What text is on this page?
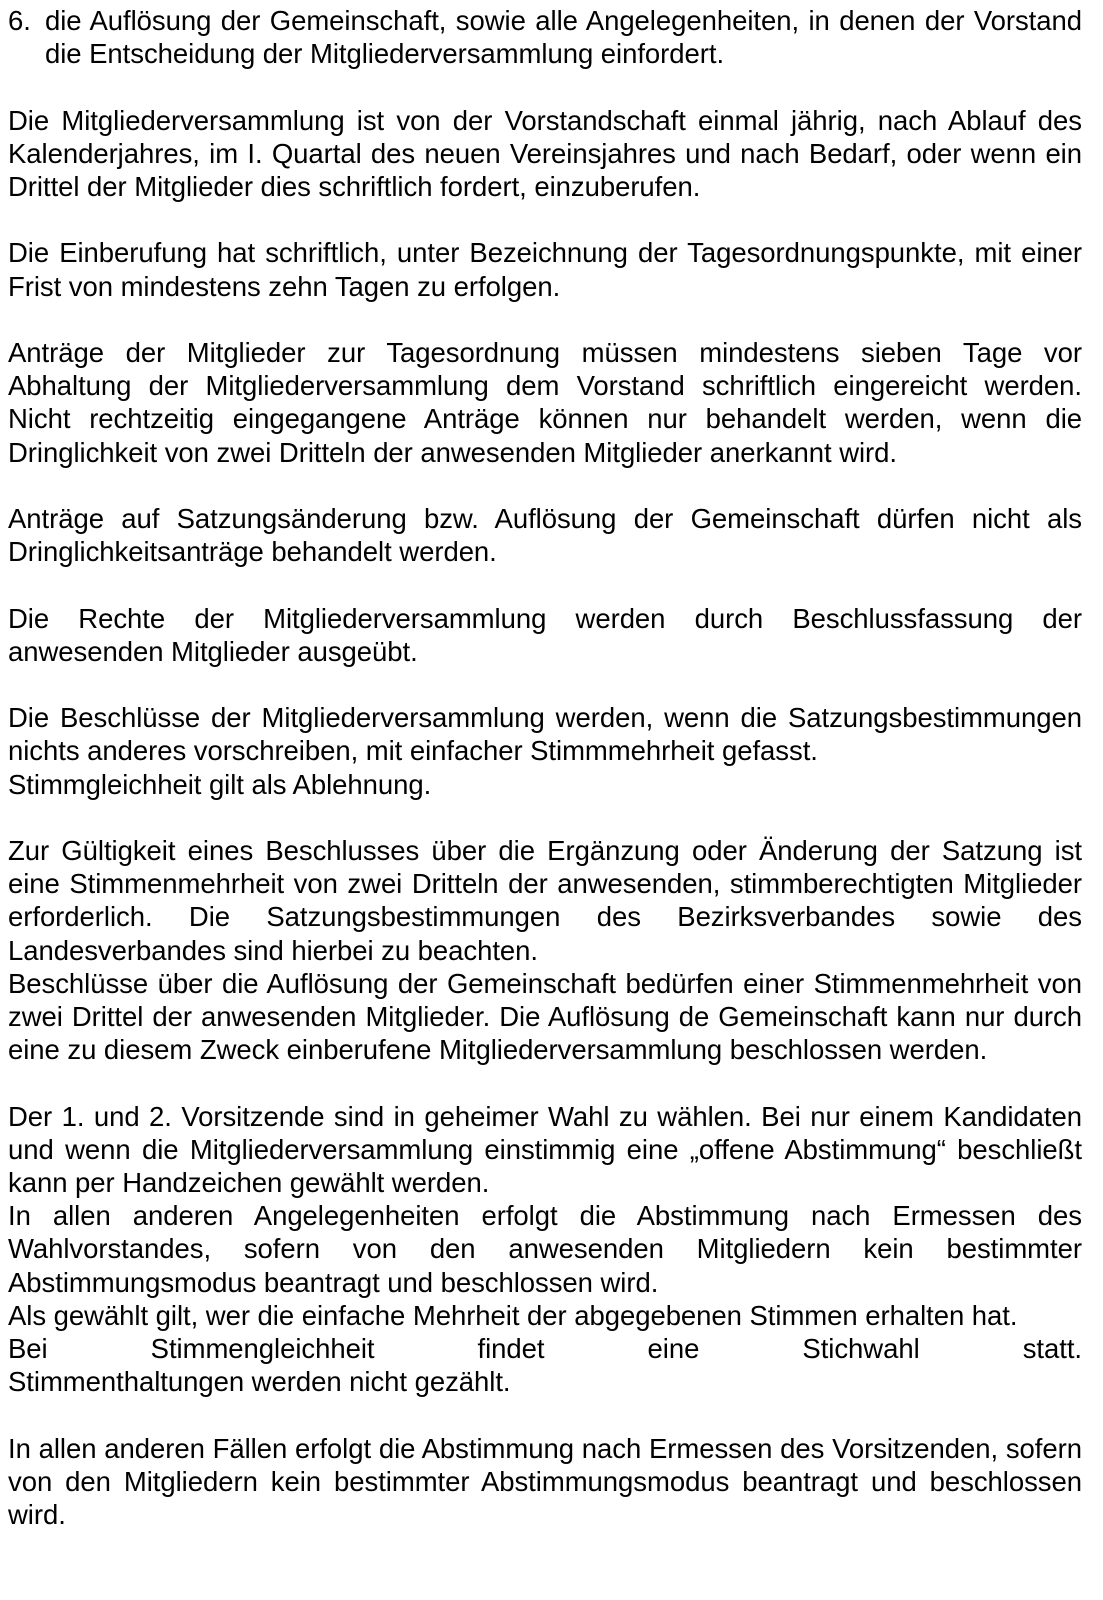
6. die Auflösung der Gemeinschaft, sowie alle Angelegenheiten, in denen der Vorstand die Entscheidung der Mitgliederversammlung einfordert.

Die Mitgliederversammlung ist von der Vorstandschaft einmal jährig, nach Ablauf des Kalenderjahres, im I. Quartal des neuen Vereinsjahres und nach Bedarf, oder wenn ein Drittel der Mitglieder dies schriftlich fordert, einzuberufen.

Die Einberufung hat schriftlich, unter Bezeichnung der Tagesordnungspunkte, mit einer Frist von mindestens zehn Tagen zu erfolgen.

Anträge der Mitglieder zur Tagesordnung müssen mindestens sieben Tage vor Abhaltung der Mitgliederversammlung dem Vorstand schriftlich eingereicht werden. Nicht rechtzeitig eingegangene Anträge können nur behandelt werden, wenn die Dringlichkeit von zwei Dritteln der anwesenden Mitglieder anerkannt wird.

Anträge auf Satzungsänderung bzw. Auflösung der Gemeinschaft dürfen nicht als Dringlichkeitsanträge behandelt werden.

Die Rechte der Mitgliederversammlung werden durch Beschlussfassung der anwesenden Mitglieder ausgeübt.

Die Beschlüsse der Mitgliederversammlung werden, wenn die Satzungsbestimmungen nichts anderes vorschreiben, mit einfacher Stimmmehrheit gefasst.

Stimmgleichheit gilt als Ablehnung.

Zur Gültigkeit eines Beschlusses über die Ergänzung oder Änderung der Satzung ist eine Stimmenmehrheit von zwei Dritteln der anwesenden, stimmberechtigten Mitglieder erforderlich. Die Satzungsbestimmungen des Bezirksverbandes sowie des Landesverbandes sind hierbei zu beachten.

Beschlüsse über die Auflösung der Gemeinschaft bedürfen einer Stimmenmehrheit von zwei Drittel der anwesenden Mitglieder. Die Auflösung de Gemeinschaft kann nur durch eine zu diesem Zweck einberufene Mitgliederversammlung beschlossen werden.

Der 1. und 2. Vorsitzende sind in geheimer Wahl zu wählen. Bei nur einem Kandidaten und wenn die Mitgliederversammlung einstimmig eine „offene Abstimmung“ beschließt kann per Handzeichen gewählt werden.

In allen anderen Angelegenheiten erfolgt die Abstimmung nach Ermessen des Wahlvorstandes, sofern von den anwesenden Mitgliedern kein bestimmter Abstimmungsmodus beantragt und beschlossen wird.

Als gewählt gilt, wer die einfache Mehrheit der abgegebenen Stimmen erhalten hat.

Bei Stimmengleichheit findet eine Stichwahl statt.

Stimmenthaltungen werden nicht gezählt.

In allen anderen Fällen erfolgt die Abstimmung nach Ermessen des Vorsitzenden, sofern von den Mitgliedern kein bestimmter Abstimmungsmodus beantragt und beschlossen wird.
